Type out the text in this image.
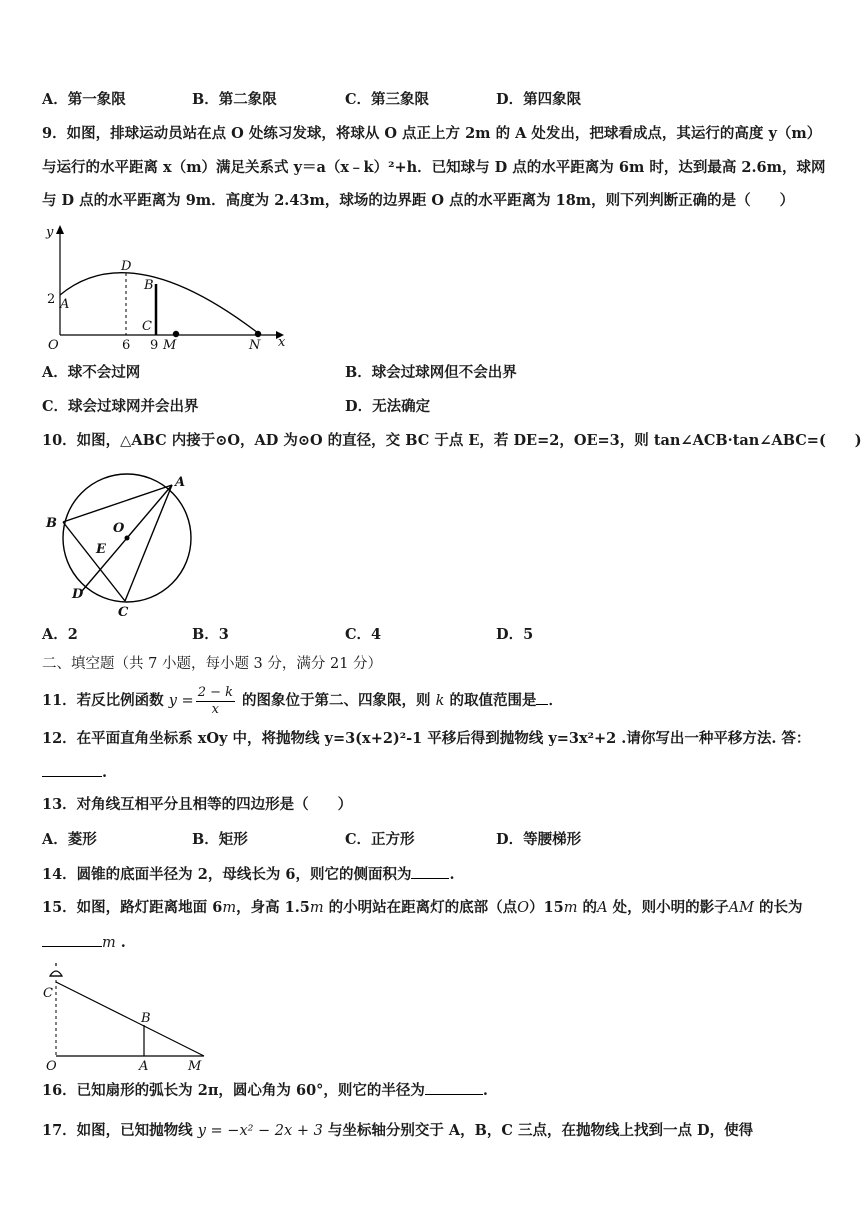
A．第一象限	B．第二象限	C．第三象限	D．第四象限
9．如图，排球运动员站在点 O 处练习发球，将球从 O 点正上方 2m 的 A 处发出，把球看成点，其运行的高度 y（m）
与运行的水平距离 x（m）满足关系式 y＝a（x﹣k）²+h．已知球与 D 点的水平距离为 6m 时，达到最高 2.6m，球网
与 D 点的水平距离为 9m．高度为 2.43m，球场的边界距 O 点的水平距离为 18m，则下列判断正确的是（　　）
y
x
O
2 A
D
B
C
6 9 M	N
A．球不会过网	B．球会过球网但不会出界
C．球会过球网并会出界	D．无法确定
10．如图，△ABC 内接于⊙O，AD 为⊙O 的直径，交 BC 于点 E，若 DE=2，OE=3，则 tan∠ACB·tan∠ABC=(　　)
A
B
C
D
E
O
A．2	B．3	C．4	D．5
二、填空题（共 7 小题，每小题 3 分，满分 21 分）
11．若反比例函数 $y = \frac{2 - k}{x}$ 的图象位于第二、四象限，则 k 的取值范围是 ．
12．在平面直角坐标系 xOy 中，将抛物线 y=3(x+2)²-1 平移后得到抛物线 y=3x²+2 .请你写出一种平移方法. 答：
.
13．对角线互相平分且相等的四边形是（　　）
A．菱形	B．矩形	C．正方形	D．等腰梯形
14．圆锥的底面半径为 2，母线长为 6，则它的侧面积为	.
15．如图，路灯距离地面 6m，身高 1.5m 的小明站在距离灯的底部（点O）15m 的A 处，则小明的影子AM 的长为
m .
C
B
O	A	M
16．已知扇形的弧长为 2π，圆心角为 60°，则它的半径为	.
17．如图，已知抛物线 y = −x² − 2x + 3 与坐标轴分别交于 A，B，C 三点，在抛物线上找到一点 D，使得
